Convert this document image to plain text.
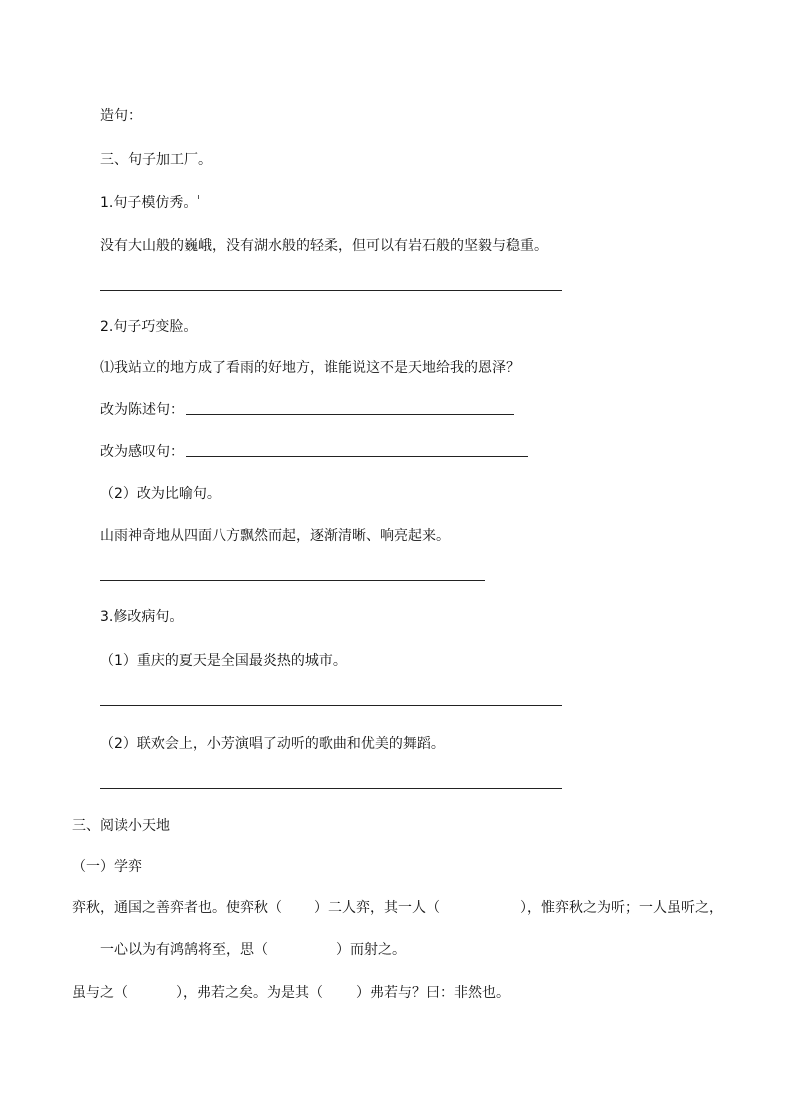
造句：
三、句子加工厂。
1.句子模仿秀。
没有大山般的巍峨，没有湖水般的轻柔，但可以有岩石般的坚毅与稳重。
2.句子巧变脸。
⑴我站立的地方成了看雨的好地方，谁能说这不是天地给我的恩泽？
改为陈述句：
改为感叹句：
（2）改为比喻句。
山雨神奇地从四面八方飘然而起，逐渐清晰、响亮起来。
3.修改病句。
（1）重庆的夏天是全国最炎热的城市。
（2）联欢会上，小芳演唱了动听的歌曲和优美的舞蹈。
三、阅读小天地
（一）学弈
弈秋，通国之善弈者也。使弈秋（ ）二人弈，其一人（	），惟弈秋之为听；一人虽听之，
一心以为有鸿鹄将至，思（	）而射之。
虽与之（	），弗若之矣。为是其（ ）弗若与？曰：非然也。
